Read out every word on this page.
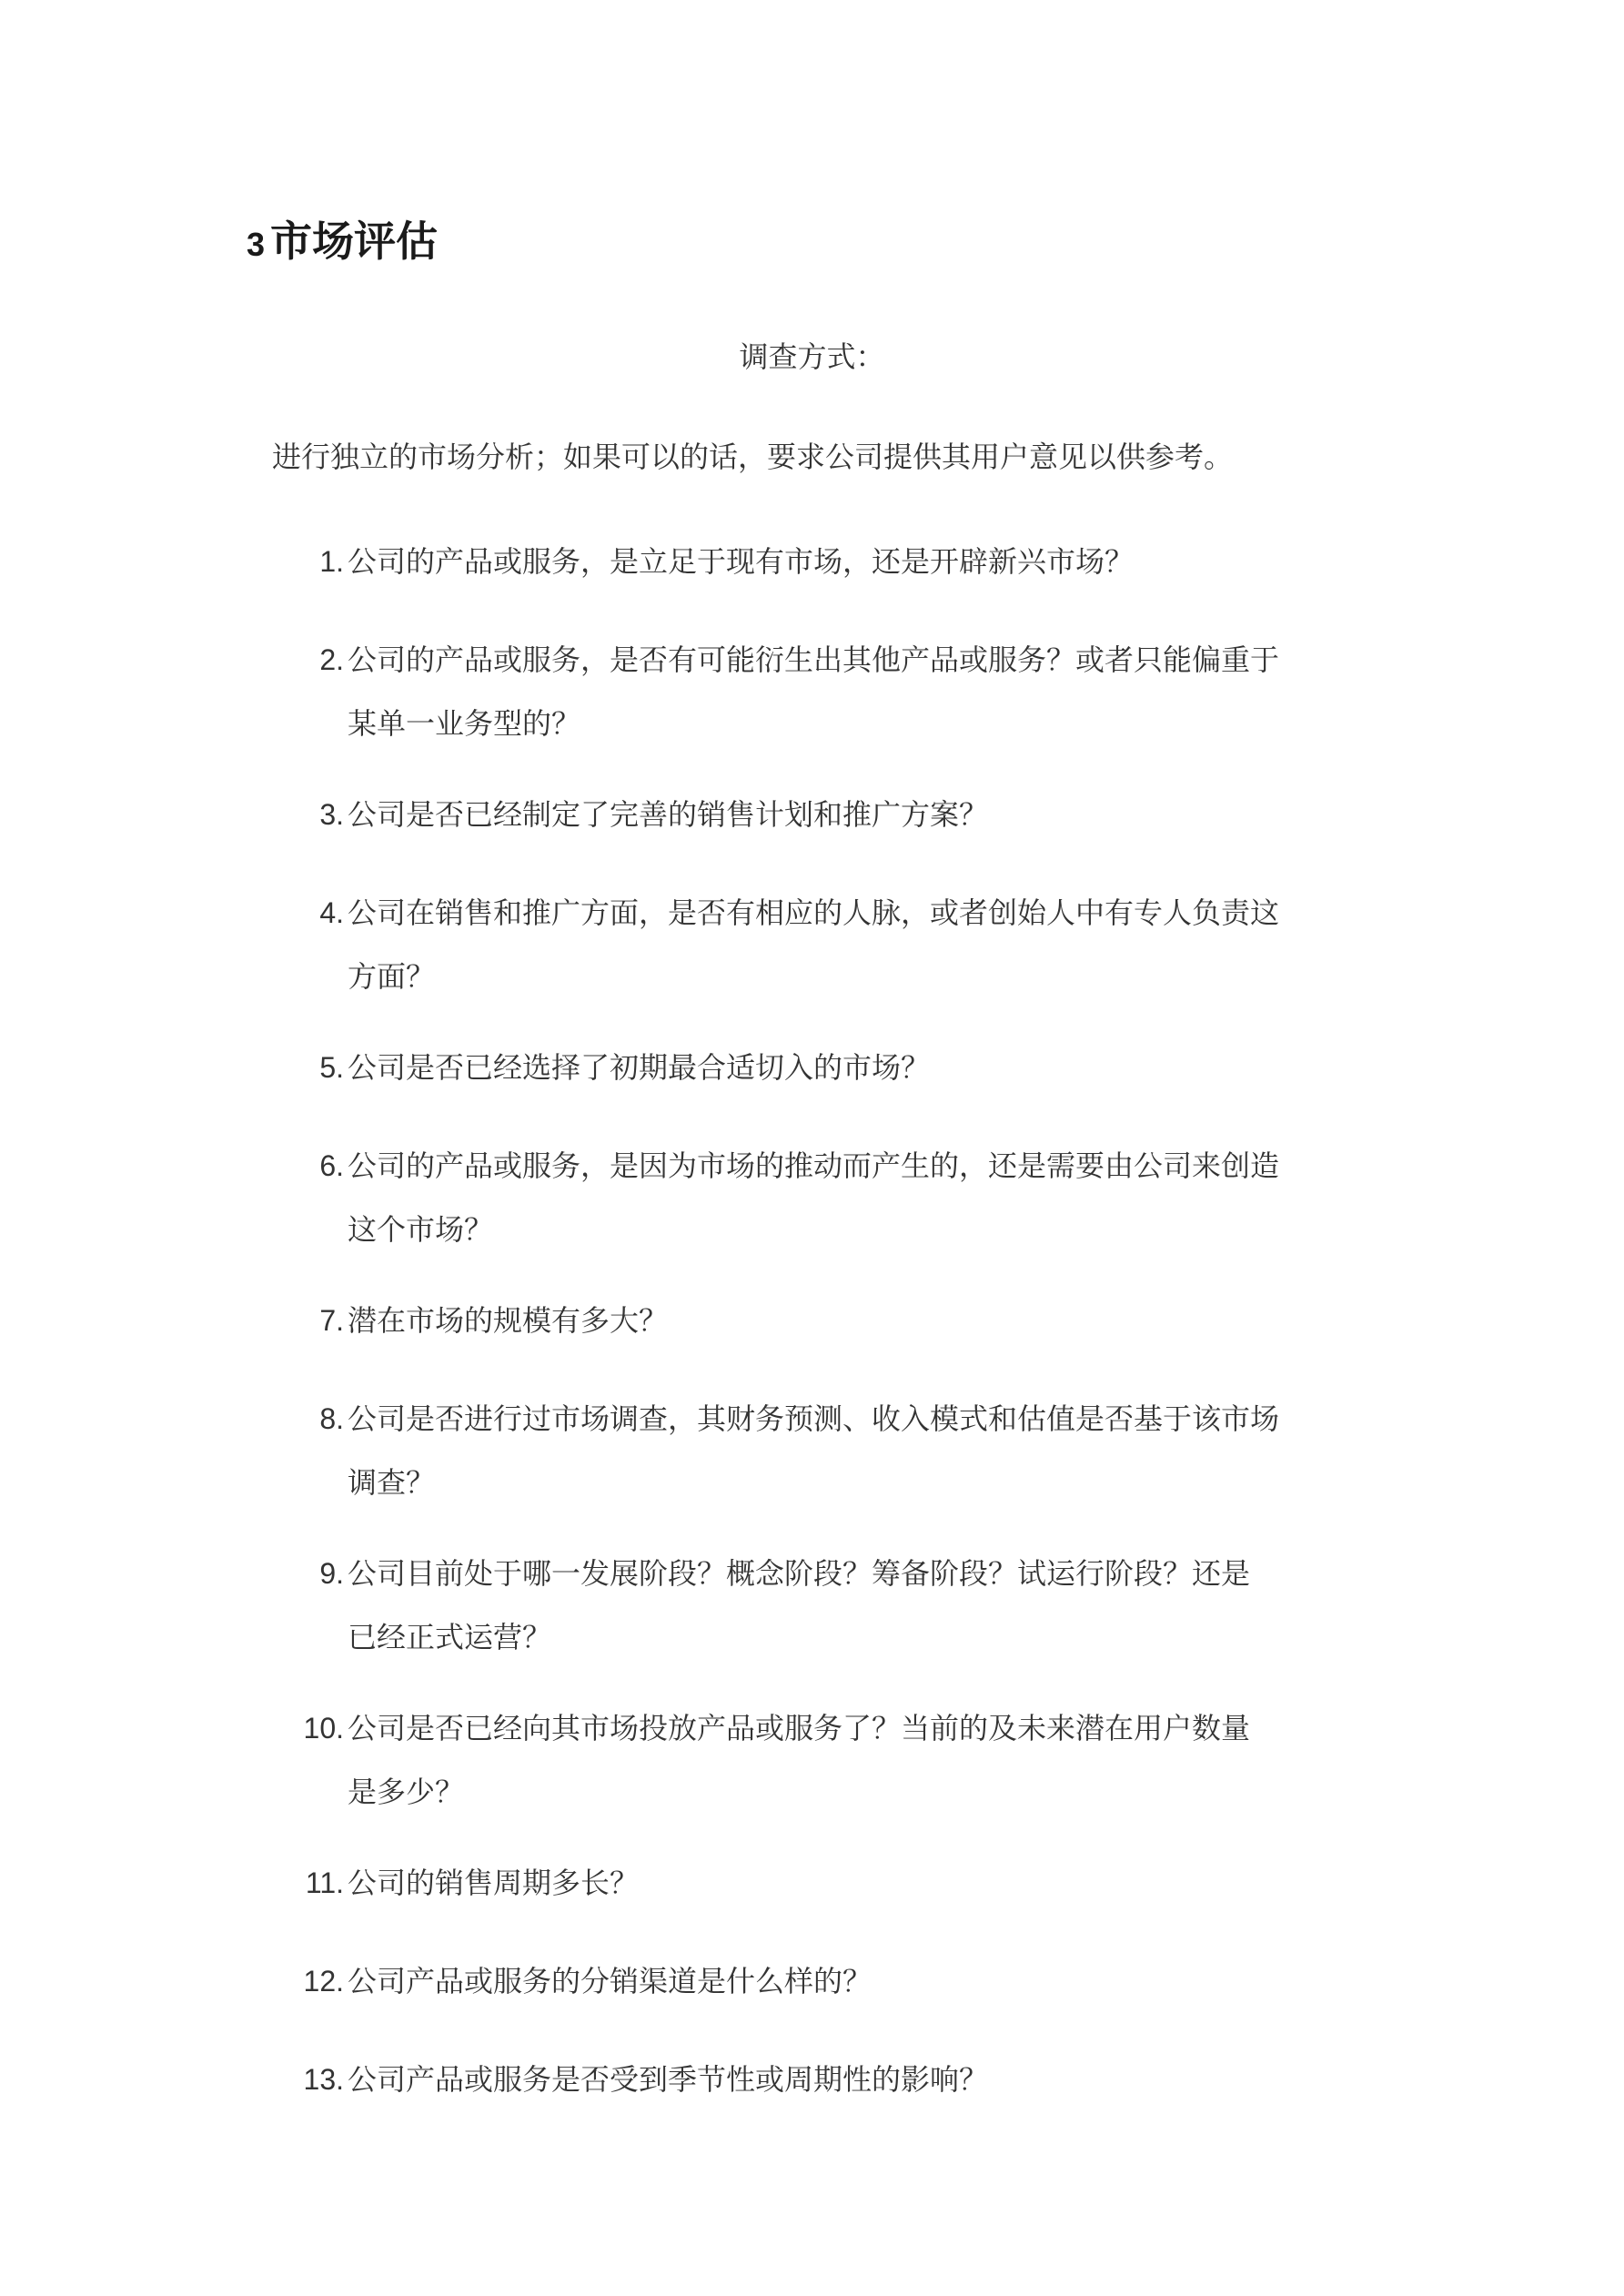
3 市场评估
调查方式：
进行独立的市场分析；如果可以的话，要求公司提供其用户意见以供参考。
1. 公司的产品或服务，是立足于现有市场，还是开辟新兴市场？
2. 公司的产品或服务，是否有可能衍生出其他产品或服务？或者只能偏重于
某单一业务型的？
3. 公司是否已经制定了完善的销售计划和推广方案？
4. 公司在销售和推广方面，是否有相应的人脉，或者创始人中有专人负责这
方面？
5. 公司是否已经选择了初期最合适切入的市场？
6. 公司的产品或服务，是因为市场的推动而产生的，还是需要由公司来创造
这个市场？
7. 潜在市场的规模有多大？
8. 公司是否进行过市场调查，其财务预测、收入模式和估值是否基于该市场
调查？
9. 公司目前处于哪一发展阶段？概念阶段？筹备阶段？试运行阶段？还是
已经正式运营？
10. 公司是否已经向其市场投放产品或服务了？当前的及未来潜在用户数量
是多少？
11. 公司的销售周期多长？
12. 公司产品或服务的分销渠道是什么样的？
13. 公司产品或服务是否受到季节性或周期性的影响？
